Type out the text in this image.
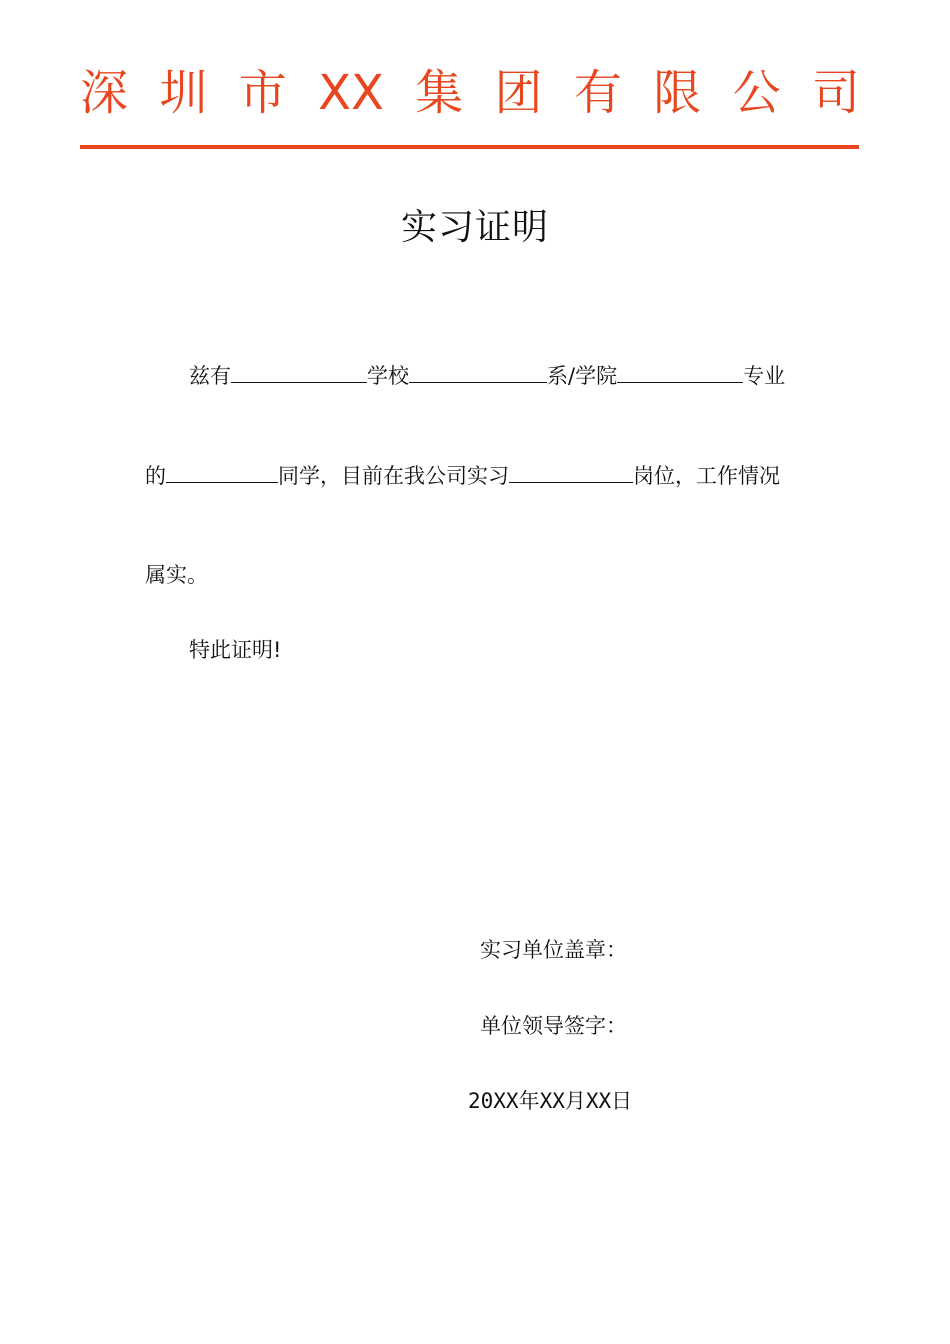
深 圳 市 XX 集 团 有 限 公 司
实习证明
兹有	学校	系/学院	专业
的	同学，目前在我公司实习	岗位，工作情况
属实。
特此证明!
实习单位盖章：
单位领导签字：
20XX年XX月XX日
